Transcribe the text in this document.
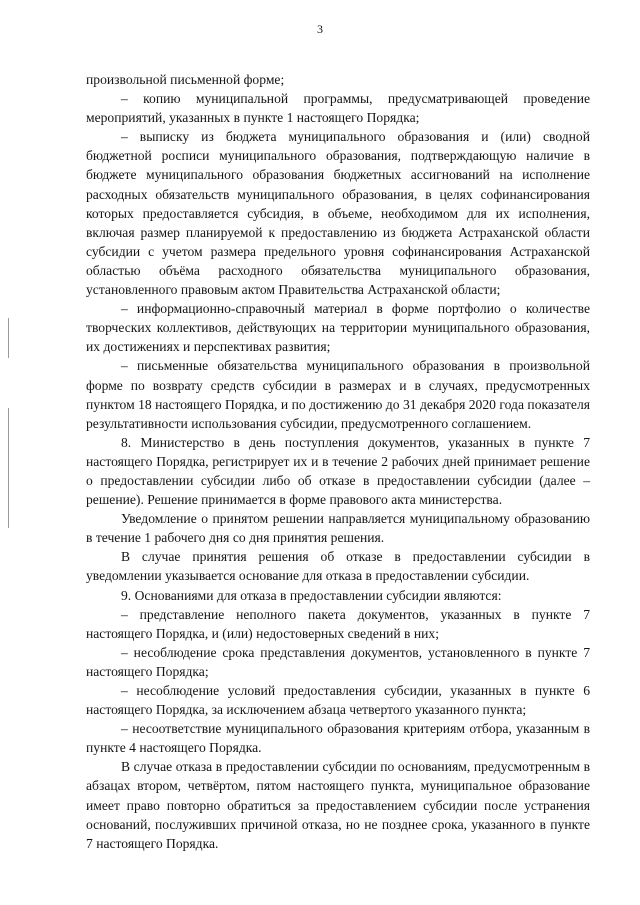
3

произвольной письменной форме;

– копию муниципальной программы, предусматривающей проведение мероприятий, указанных в пункте 1 настоящего Порядка;

– выписку из бюджета муниципального образования и (или) сводной бюджетной росписи муниципального образования, подтверждающую наличие в бюджете муниципального образования бюджетных ассигнований на исполнение расходных обязательств муниципального образования, в целях софинансирования которых предоставляется субсидия, в объеме, необходимом для их исполнения, включая размер планируемой к предоставлению из бюджета Астраханской области субсидии с учетом размера предельного уровня софинансирования Астраханской областью объёма расходного обязательства муниципального образования, установленного правовым актом Правительства Астраханской области;

– информационно-справочный материал в форме портфолио о количестве творческих коллективов, действующих на территории муниципального образования, их достижениях и перспективах развития;

– письменные обязательства муниципального образования в произвольной форме по возврату средств субсидии в размерах и в случаях, предусмотренных пунктом 18 настоящего Порядка, и по достижению до 31 декабря 2020 года показателя результативности использования субсидии, предусмотренного соглашением.

8. Министерство в день поступления документов, указанных в пункте 7 настоящего Порядка, регистрирует их и в течение 2 рабочих дней принимает решение о предоставлении субсидии либо об отказе в предоставлении субсидии (далее – решение). Решение принимается в форме правового акта министерства.

Уведомление о принятом решении направляется муниципальному образованию в течение 1 рабочего дня со дня принятия решения.

В случае принятия решения об отказе в предоставлении субсидии в уведомлении указывается основание для отказа в предоставлении субсидии.

9. Основаниями для отказа в предоставлении субсидии являются:

– представление неполного пакета документов, указанных в пункте 7 настоящего Порядка, и (или) недостоверных сведений в них;

– несоблюдение срока представления документов, установленного в пункте 7 настоящего Порядка;

– несоблюдение условий предоставления субсидии, указанных в пункте 6 настоящего Порядка, за исключением абзаца четвертого указанного пункта;

– несоответствие муниципального образования критериям отбора, указанным в пункте 4 настоящего Порядка.

В случае отказа в предоставлении субсидии по основаниям, предусмотренным в абзацах втором, четвёртом, пятом настоящего пункта, муниципальное образование имеет право повторно обратиться за предоставлением субсидии после устранения оснований, послуживших причиной отказа, но не позднее срока, указанного в пункте 7 настоящего Порядка.
